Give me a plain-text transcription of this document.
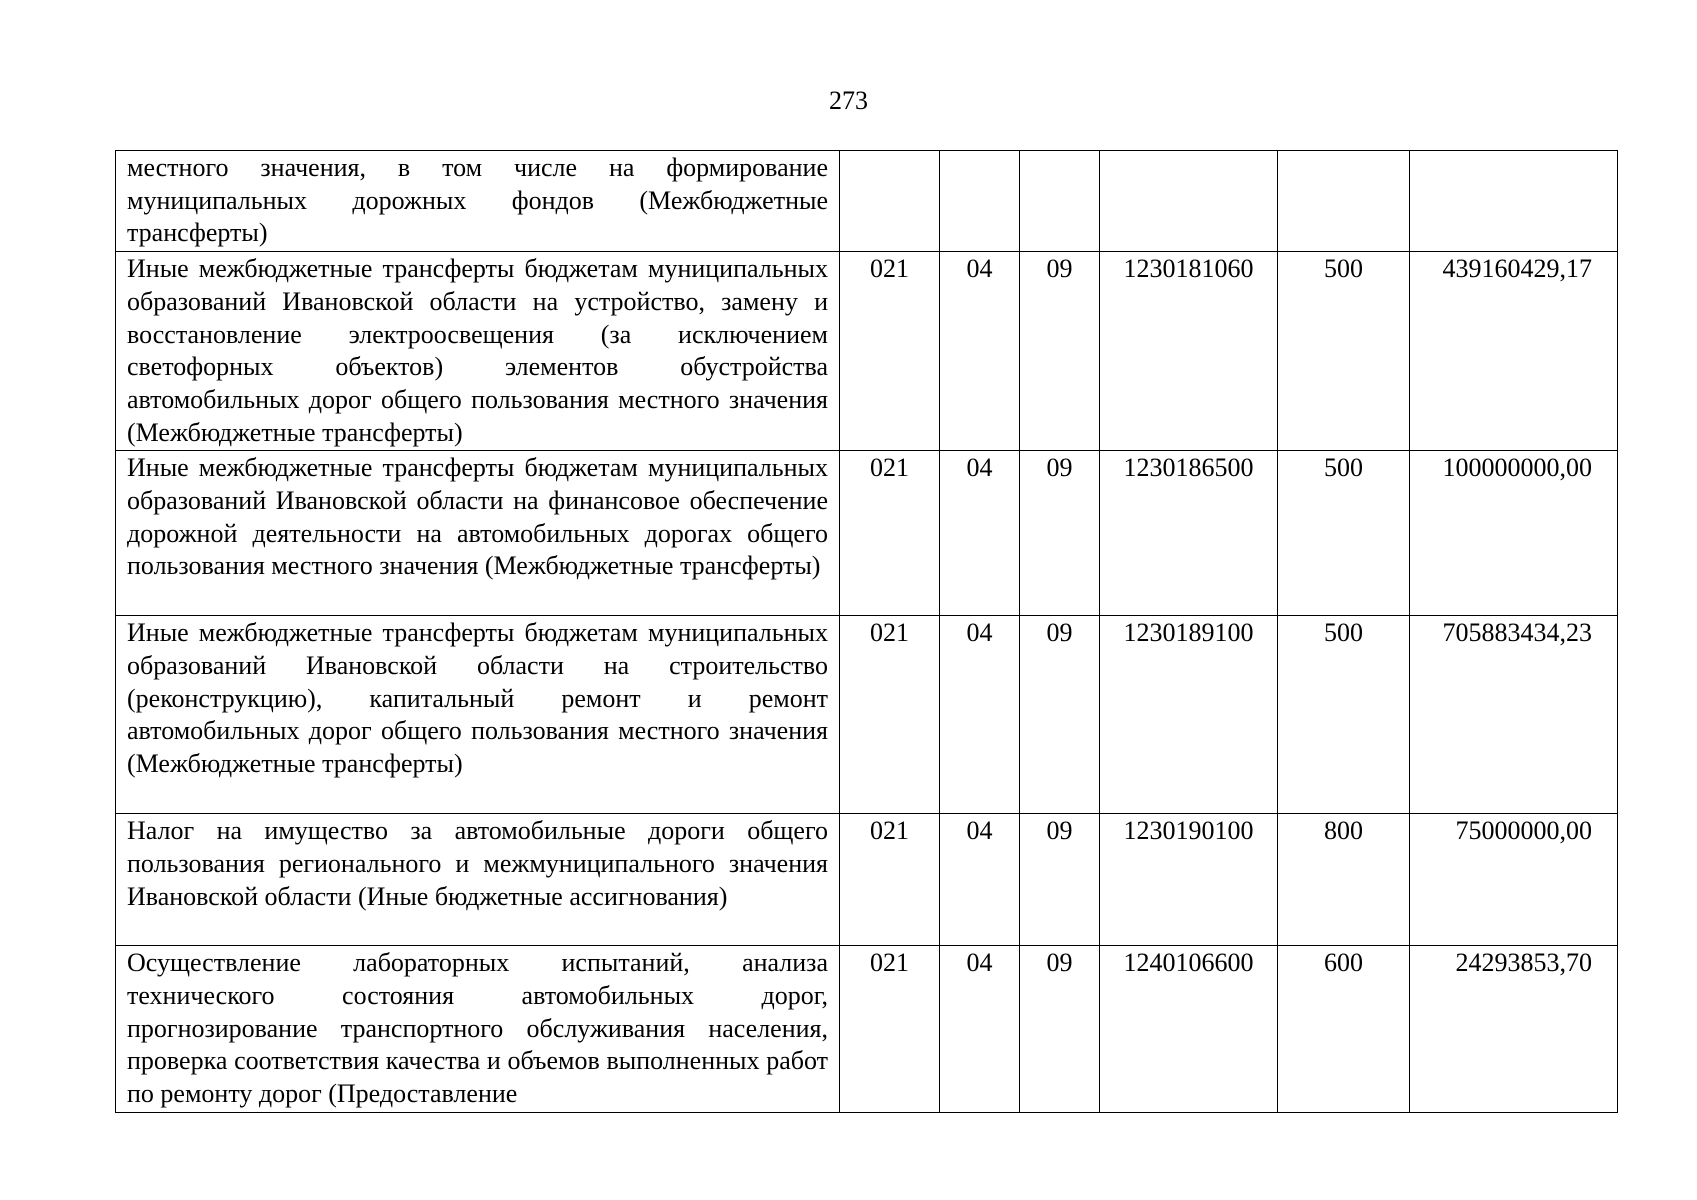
273
местного значения, в том числе на формирование муниципальных дорожных фондов (Межбюджетные трансферты)						
Иные межбюджетные трансферты бюджетам муниципальных образований Ивановской области на устройство, замену и восстановление электроосвещения (за исключением светофорных объектов) элементов обустройства автомобильных дорог общего пользования местного значения (Межбюджетные трансферты)	021	04	09	1230181060	500	439160429,17
Иные межбюджетные трансферты бюджетам муниципальных образований Ивановской области на финансовое обеспечение дорожной деятельности на автомобильных дорогах общего пользования местного значения (Межбюджетные трансферты)	021	04	09	1230186500	500	100000000,00
Иные межбюджетные трансферты бюджетам муниципальных образований Ивановской области на строительство (реконструкцию), капитальный ремонт и ремонт автомобильных дорог общего пользования местного значения (Межбюджетные трансферты)	021	04	09	1230189100	500	705883434,23
Налог на имущество за автомобильные дороги общего пользования регионального и межмуниципального значения Ивановской области (Иные бюджетные ассигнования)	021	04	09	1230190100	800	75000000,00
Осуществление лабораторных испытаний, анализа технического состояния автомобильных дорог, прогнозирование транспортного обслуживания населения, проверка соответствия качества и объемов выполненных работ по ремонту дорог (Предоставление	021	04	09	1240106600	600	24293853,70
